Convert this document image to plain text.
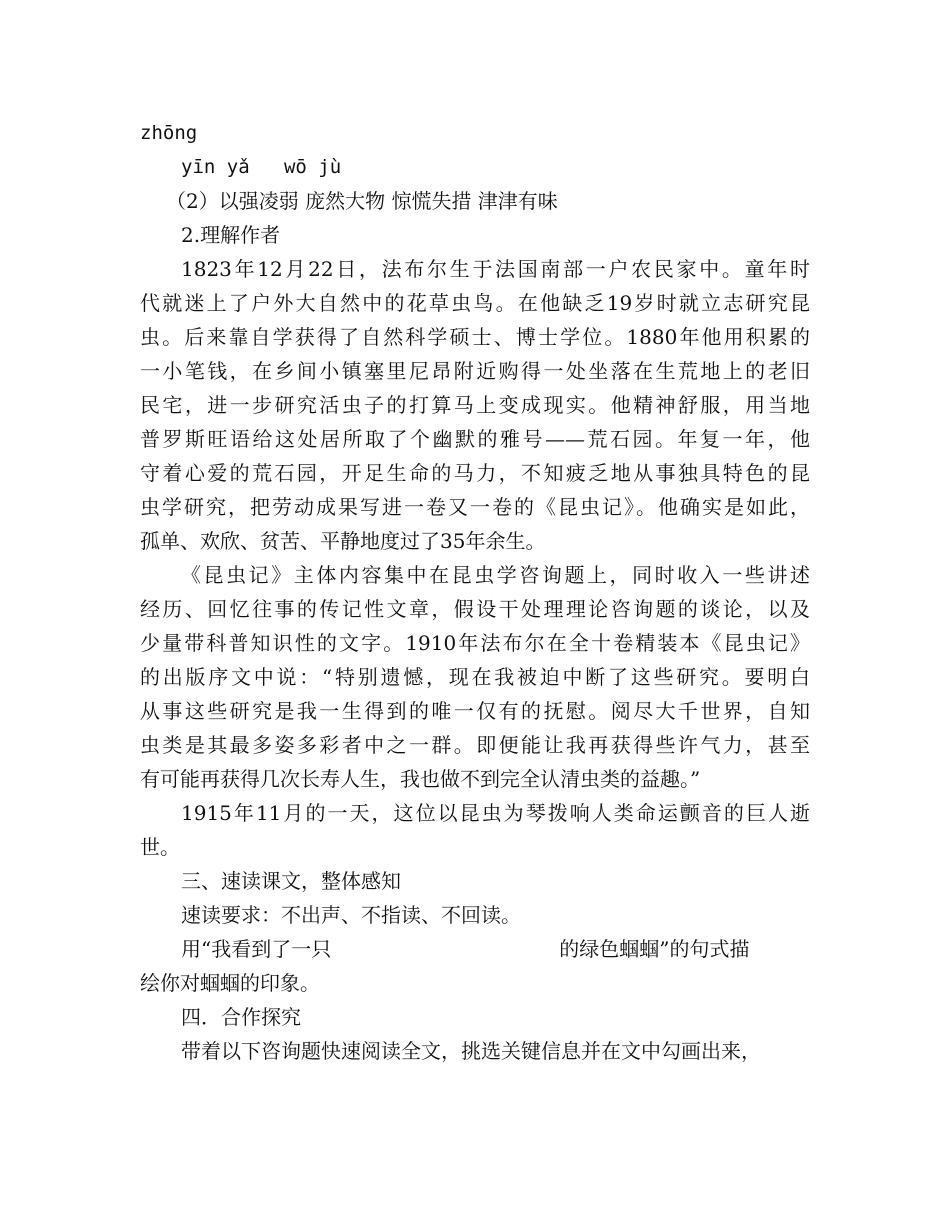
zhōng
yīn yǎ   wō jù
（2）以强凌弱 庞然大物 惊慌失措 津津有味
2.理解作者
1823年12月22日，法布尔生于法国南部一户农民家中。童年时
代就迷上了户外大自然中的花草虫鸟。在他缺乏19岁时就立志研究昆
虫。后来靠自学获得了自然科学硕士、博士学位。1880年他用积累的
一小笔钱，在乡间小镇塞里尼昂附近购得一处坐落在生荒地上的老旧
民宅，进一步研究活虫子的打算马上变成现实。他精神舒服，用当地
普罗斯旺语给这处居所取了个幽默的雅号——荒石园。年复一年，他
守着心爱的荒石园，开足生命的马力，不知疲乏地从事独具特色的昆
虫学研究，把劳动成果写进一卷又一卷的《昆虫记》。他确实是如此，
孤单、欢欣、贫苦、平静地度过了35年余生。
《昆虫记》主体内容集中在昆虫学咨询题上，同时收入一些讲述
经历、回忆往事的传记性文章，假设干处理理论咨询题的谈论，以及
少量带科普知识性的文字。1910年法布尔在全十卷精装本《昆虫记》
的出版序文中说：“特别遗憾，现在我被迫中断了这些研究。要明白
从事这些研究是我一生得到的唯一仅有的抚慰。阅尽大千世界，自知
虫类是其最多姿多彩者中之一群。即便能让我再获得些许气力，甚至
有可能再获得几次长寿人生，我也做不到完全认清虫类的益趣。”
1915年11月的一天，这位以昆虫为琴拨响人类命运颤音的巨人逝
世。
三、速读课文，整体感知
速读要求：不出声、不指读、不回读。
用“我看到了一只	的绿色蝈蝈”的句式描
绘你对蝈蝈的印象。
四．合作探究
带着以下咨询题快速阅读全文，挑选关键信息并在文中勾画出来，
